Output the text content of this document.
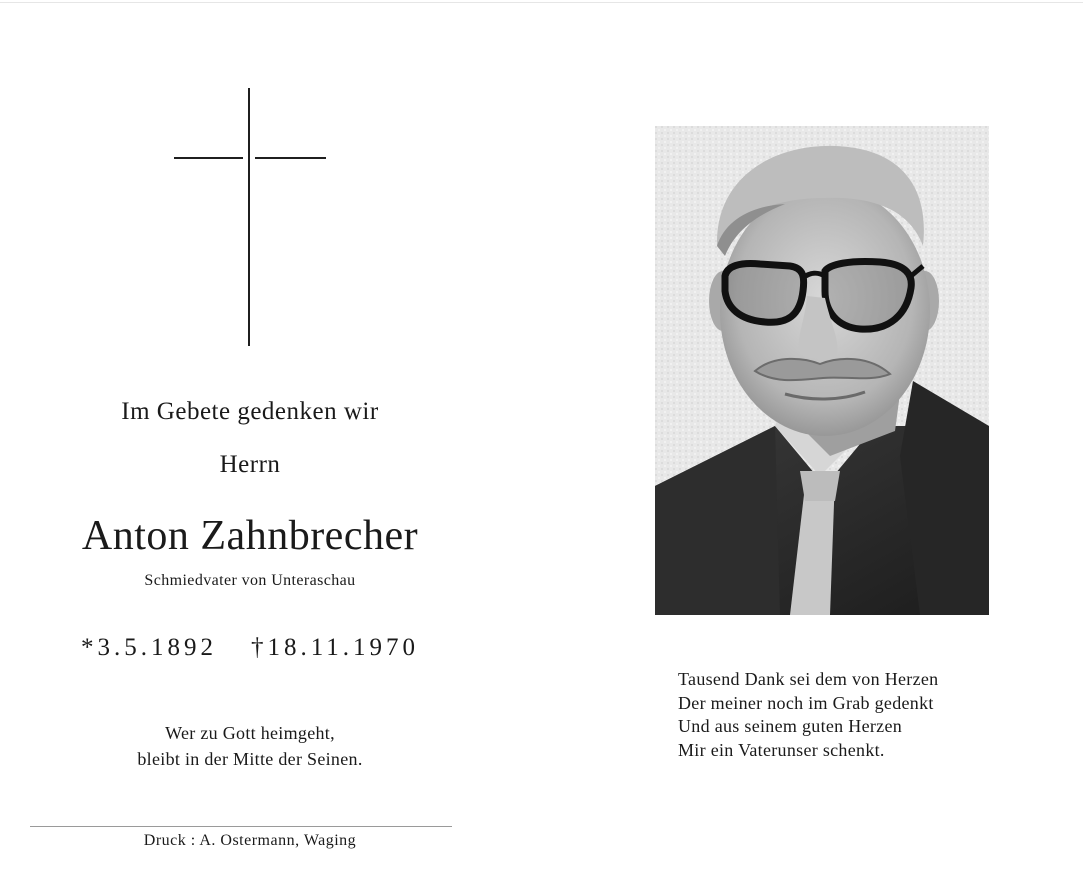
Im Gebete gedenken wir
Herrn
Anton Zahnbrecher
Schmiedvater von Unteraschau
*3.5.1892 †18.11.1970
Wer zu Gott heimgeht,
bleibt in der Mitte der Seinen.
Druck : A. Ostermann, Waging
Tausend Dank sei dem von Herzen
Der meiner noch im Grab gedenkt
Und aus seinem guten Herzen
Mir ein Vaterunser schenkt.
